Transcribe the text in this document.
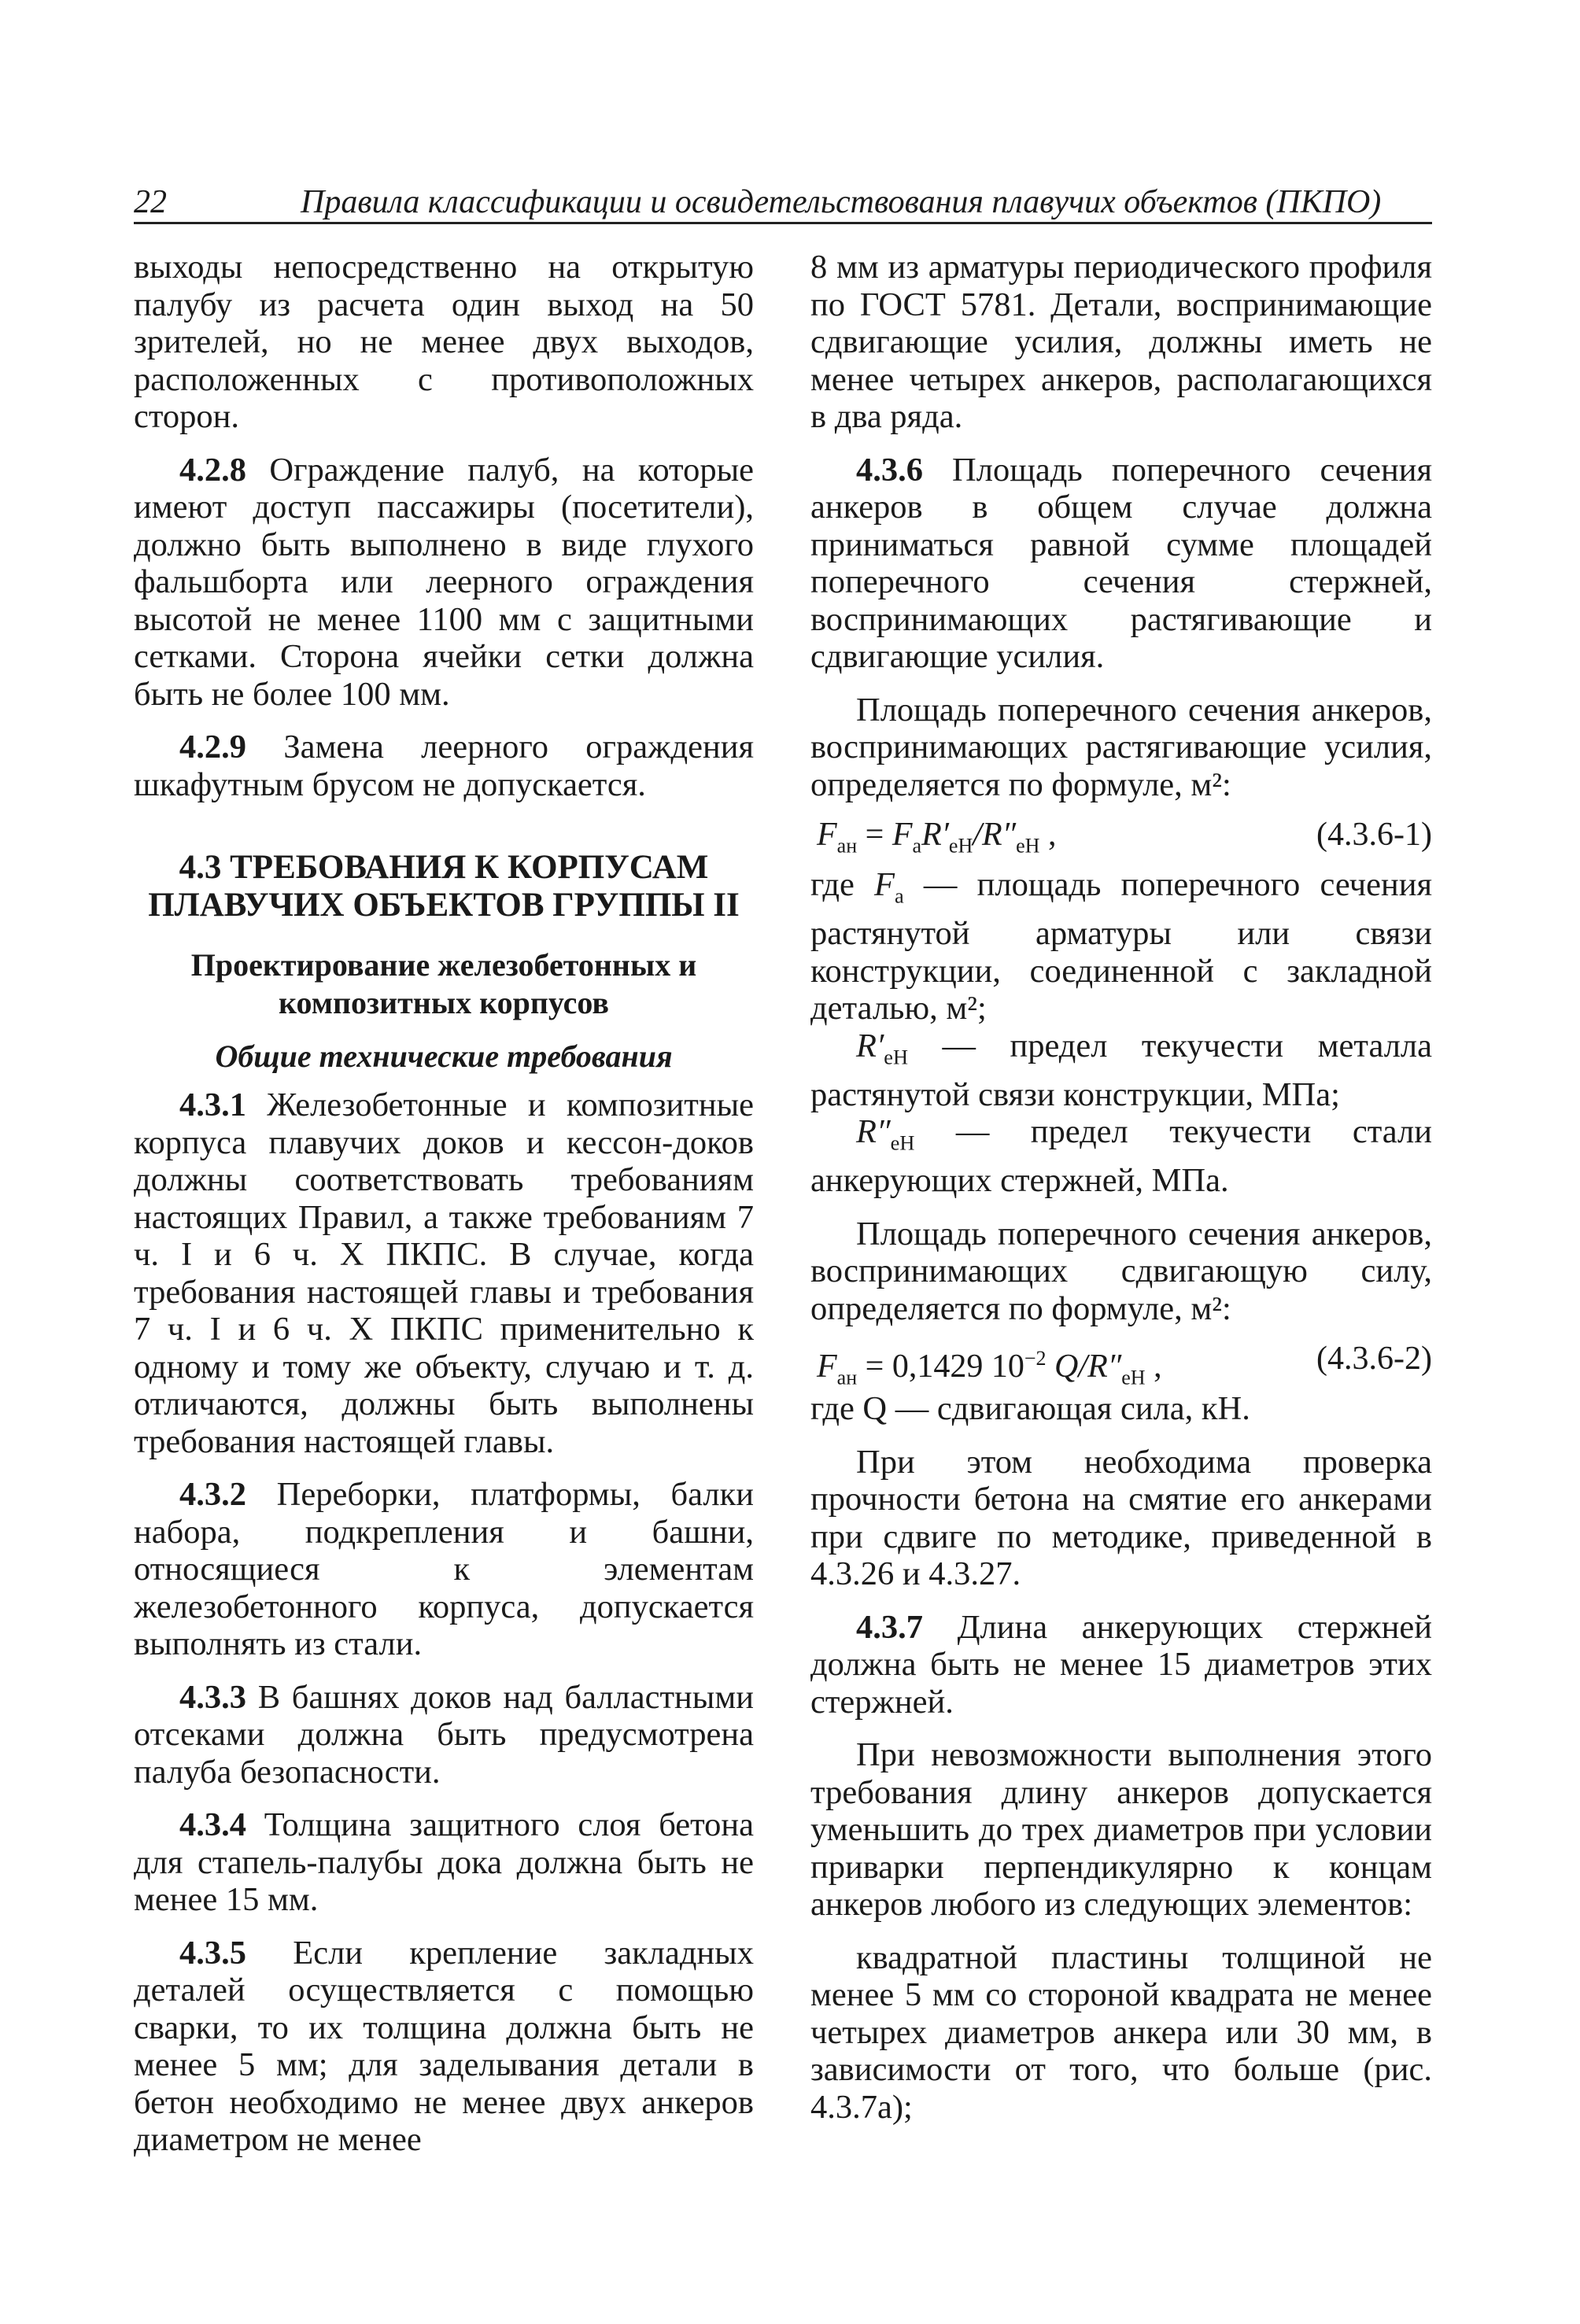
22	Правила классификации и освидетельствования плавучих объектов (ПКПО)

выходы непосредственно на открытую палубу из расчета один выход на 50 зрителей, но не менее двух выходов, расположенных с противоположных сторон.

4.2.8 Ограждение палуб, на которые имеют доступ пассажиры (посетители), должно быть выполнено в виде глухого фальшборта или леерного ограждения высотой не менее 1100 мм с защитными сетками. Сторона ячейки сетки должна быть не более 100 мм.

4.2.9 Замена леерного ограждения шкафутным брусом не допускается.

4.3 ТРЕБОВАНИЯ К КОРПУСАМ ПЛАВУЧИХ ОБЪЕКТОВ ГРУППЫ II

Проектирование железобетонных и композитных корпусов

Общие технические требования

4.3.1 Железобетонные и композитные корпуса плавучих доков и кессон-доков должны соответствовать требованиям настоящих Правил, а также требованиям 7 ч. I и 6 ч. X ПКПС. В случае, когда требования настоящей главы и требования 7 ч. I и 6 ч. X ПКПС применительно к одному и тому же объекту, случаю и т. д. отличаются, должны быть выполнены требования настоящей главы.

4.3.2 Переборки, платформы, балки набора, подкрепления и башни, относящиеся к элементам железобетонного корпуса, допускается выполнять из стали.

4.3.3 В башнях доков над балластными отсеками должна быть предусмотрена палуба безопасности.

4.3.4 Толщина защитного слоя бетона для стапель-палубы дока должна быть не менее 15 мм.

4.3.5 Если крепление закладных деталей осуществляется с помощью сварки, то их толщина должна быть не менее 5 мм; для заделывания детали в бетон необходимо не менее двух анкеров диаметром не менее

8 мм из арматуры периодического профиля по ГОСТ 5781. Детали, воспринимающие сдвигающие усилия, должны иметь не менее четырех анкеров, располагающихся в два ряда.

4.3.6 Площадь поперечного сечения анкеров в общем случае должна приниматься равной сумме площадей поперечного сечения стержней, воспринимающих растягивающие и сдвигающие усилия.

Площадь поперечного сечения анкеров, воспринимающих растягивающие усилия, определяется по формуле, м²:

$F_{ан} = F_аR'_{еН}/R''_{еН}$ ,	(4.3.6-1)

где $F_а$ — площадь поперечного сечения растянутой арматуры или связи конструкции, соединенной с закладной деталью, м²;

$R'_{еН}$ — предел текучести металла растянутой связи конструкции, МПа;

$R''_{еН}$ — предел текучести стали анкерующих стержней, МПа.

Площадь поперечного сечения анкеров, воспринимающих сдвигающую силу, определяется по формуле, м²:

$F_{ан} = 0,1429$ $10^{-2}$ $Q/R''_{еН}$ ,	(4.3.6-2)

где Q — сдвигающая сила, кН.

При этом необходима проверка прочности бетона на смятие его анкерами при сдвиге по методике, приведенной в 4.3.26 и 4.3.27.

4.3.7 Длина анкерующих стержней должна быть не менее 15 диаметров этих стержней.

При невозможности выполнения этого требования длину анкеров допускается уменьшить до трех диаметров при условии приварки перпендикулярно к концам анкеров любого из следующих элементов:

квадратной пластины толщиной не менее 5 мм со стороной квадрата не менее четырех диаметров анкера или 30 мм, в зависимости от того, что больше (рис. 4.3.7а);
